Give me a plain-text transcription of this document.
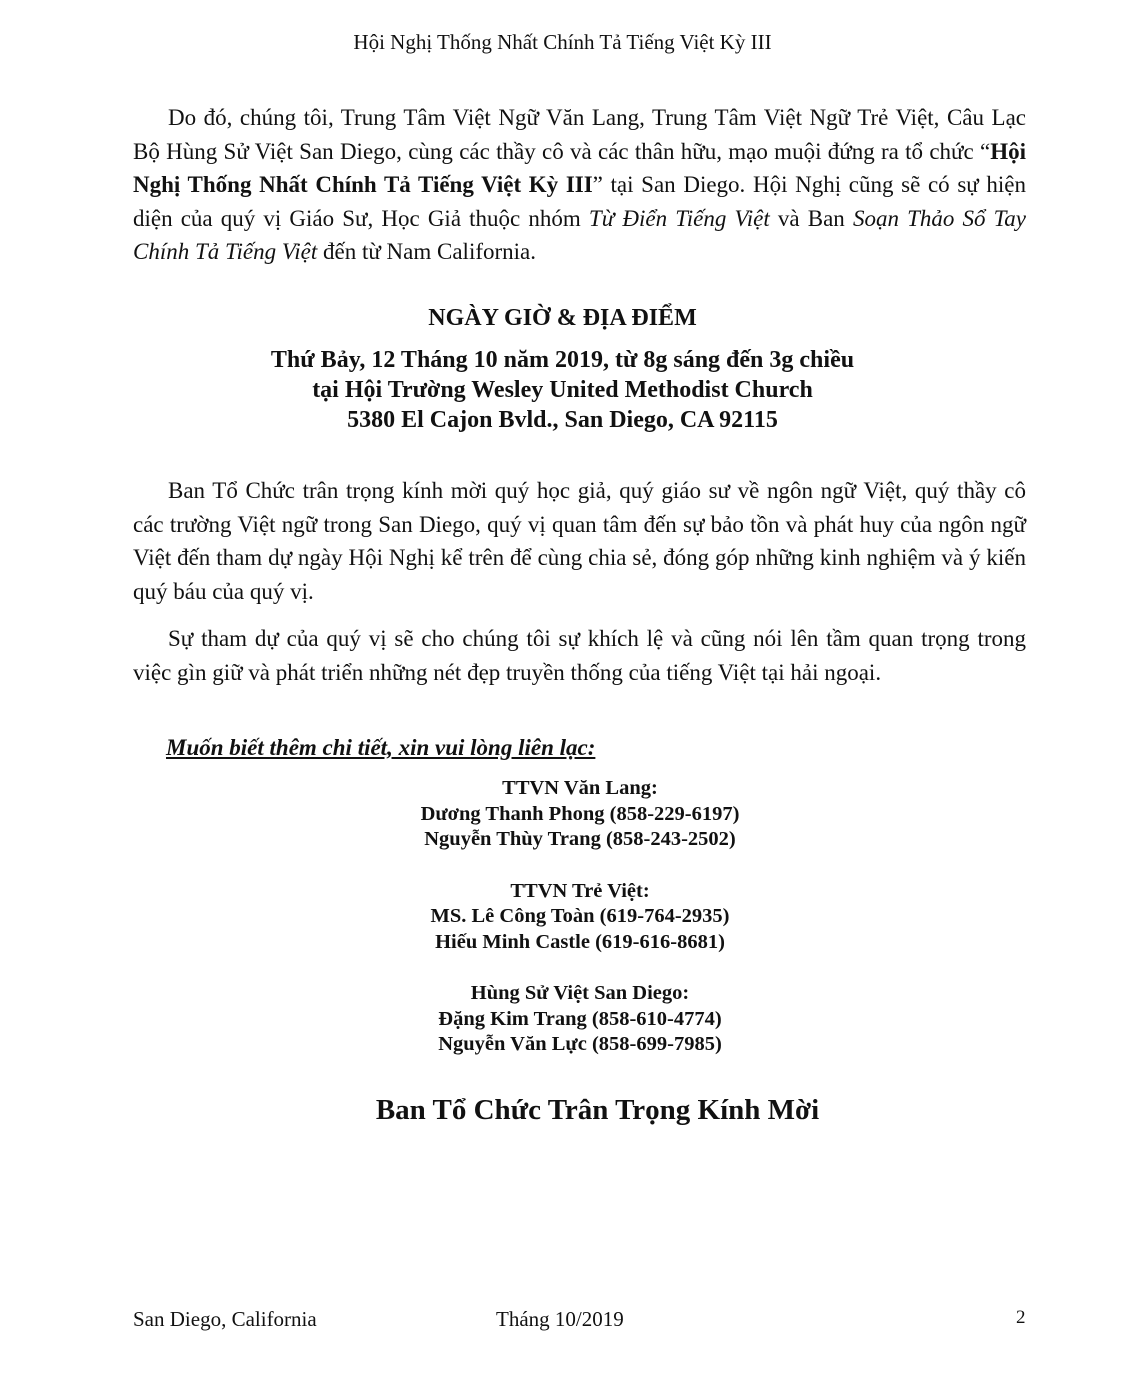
Hội Nghị Thống Nhất Chính Tả Tiếng Việt Kỳ III

Do đó, chúng tôi, Trung Tâm Việt Ngữ Văn Lang, Trung Tâm Việt Ngữ Trẻ Việt, Câu Lạc Bộ Hùng Sử Việt San Diego, cùng các thầy cô và các thân hữu, mạo muội đứng ra tổ chức “Hội Nghị Thống Nhất Chính Tả Tiếng Việt Kỳ III” tại San Diego. Hội Nghị cũng sẽ có sự hiện diện của quý vị Giáo Sư, Học Giả thuộc nhóm Từ Điển Tiếng Việt và Ban Soạn Thảo Sổ Tay Chính Tả Tiếng Việt đến từ Nam California.

NGÀY GIỜ & ĐỊA ĐIỂM
Thứ Bảy, 12 Tháng 10 năm 2019, từ 8g sáng đến 3g chiều
tại Hội Trường Wesley United Methodist Church
5380 El Cajon Bvld., San Diego, CA 92115

Ban Tổ Chức trân trọng kính mời quý học giả, quý giáo sư về ngôn ngữ Việt, quý thầy cô các trường Việt ngữ trong San Diego, quý vị quan tâm đến sự bảo tồn và phát huy của ngôn ngữ Việt đến tham dự ngày Hội Nghị kể trên để cùng chia sẻ, đóng góp những kinh nghiệm và ý kiến quý báu của quý vị.

Sự tham dự của quý vị sẽ cho chúng tôi sự khích lệ và cũng nói lên tầm quan trọng trong việc gìn giữ và phát triển những nét đẹp truyền thống của tiếng Việt tại hải ngoại.

Muốn biết thêm chi tiết, xin vui lòng liên lạc:
TTVN Văn Lang:
Dương Thanh Phong (858-229-6197)
Nguyễn Thùy Trang (858-243-2502)
TTVN Trẻ Việt:
MS. Lê Công Toàn (619-764-2935)
Hiếu Minh Castle (619-616-8681)
Hùng Sử Việt San Diego:
Đặng Kim Trang (858-610-4774)
Nguyễn Văn Lực (858-699-7985)
Ban Tổ Chức Trân Trọng Kính Mời
San Diego, California	Tháng 10/2019	2
